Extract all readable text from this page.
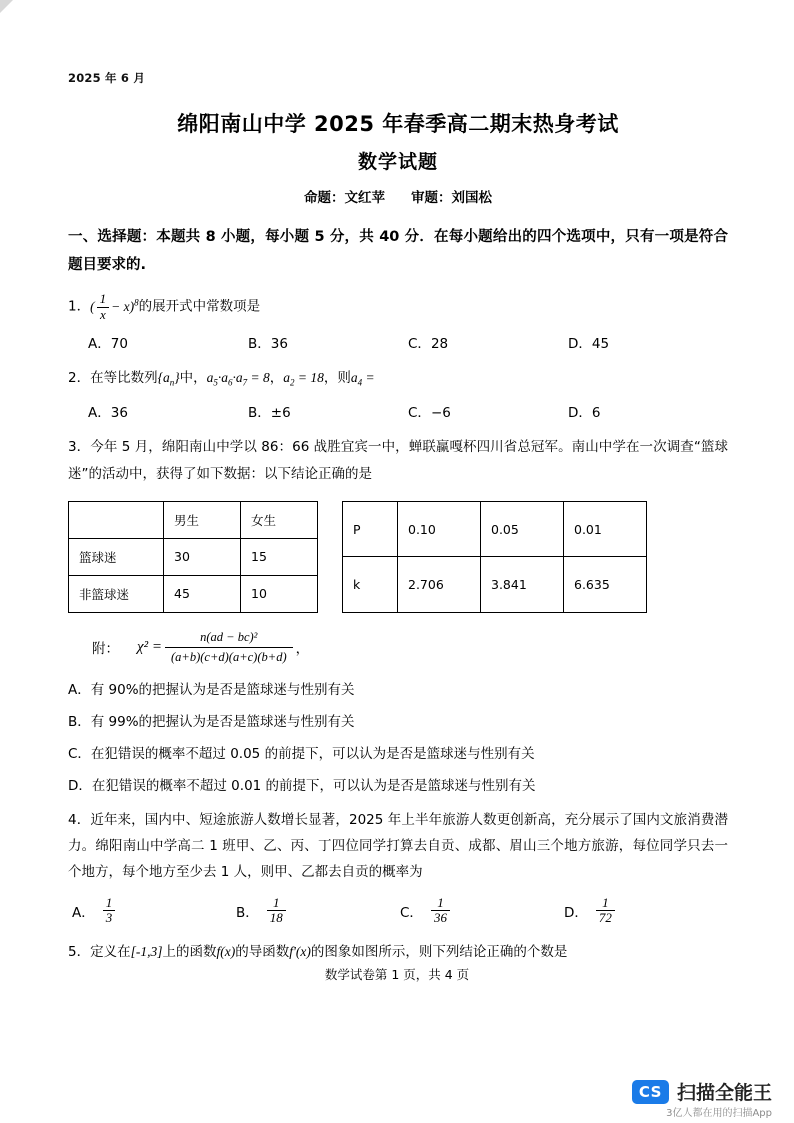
2025 年 6 月
绵阳南山中学 2025 年春季高二期末热身考试
数学试题
命题：文红苹 审题：刘国松
一、选择题：本题共 8 小题，每小题 5 分，共 40 分．在每小题给出的四个选项中，只有一项是符合题目要求的.
1．( $\frac{1}{x} - x)^8$的展开式中常数项是
A．70	B．36	C．28	D．45
2．在等比数列$\{a_n\}$中，$a_5\cdot a_6\cdot a_7 = 8$，$a_2 = 18$，则$a_4$ =
A．36	B．±6	C．−6	D．6
3．今年 5 月，绵阳南山中学以 86：66 战胜宜宾一中，蝉联赢嘎杯四川省总冠军。南山中学在一次调查“篮球迷”的活动中，获得了如下数据：以下结论正确的是
	男生	女生
篮球迷	30	15
非篮球迷	45	10
P	0.10	0.05	0.01
k	2.706	3.841	6.635
附： $\chi^2 = \frac{\text{n(ad − bc)²}}{(a+b)(c+d)(a+c)(b+d)}$ ，
A．有 90%的把握认为是否是篮球迷与性别有关
B．有 99%的把握认为是否是篮球迷与性别有关
C．在犯错误的概率不超过 0.05 的前提下，可以认为是否是篮球迷与性别有关
D．在犯错误的概率不超过 0.01 的前提下，可以认为是否是篮球迷与性别有关
4．近年来，国内中、短途旅游人数增长显著，2025 年上半年旅游人数更创新高，充分展示了国内文旅消费潜力。绵阳南山中学高二 1 班甲、乙、丙、丁四位同学打算去自贡、成都、眉山三个地方旅游，每位同学只去一个地方，每个地方至少去 1 人，则甲、乙都去自贡的概率为
A． $\frac{1}{3}$	B． $\frac{1}{18}$	C． $\frac{1}{36}$	D． $\frac{1}{72}$
5．定义在[-1,3]上的函数f(x)的导函数f'(x)的图象如图所示，则下列结论正确的个数是
数学试卷第 1 页，共 4 页
CS 扫描全能王
3亿人都在用的扫描App
